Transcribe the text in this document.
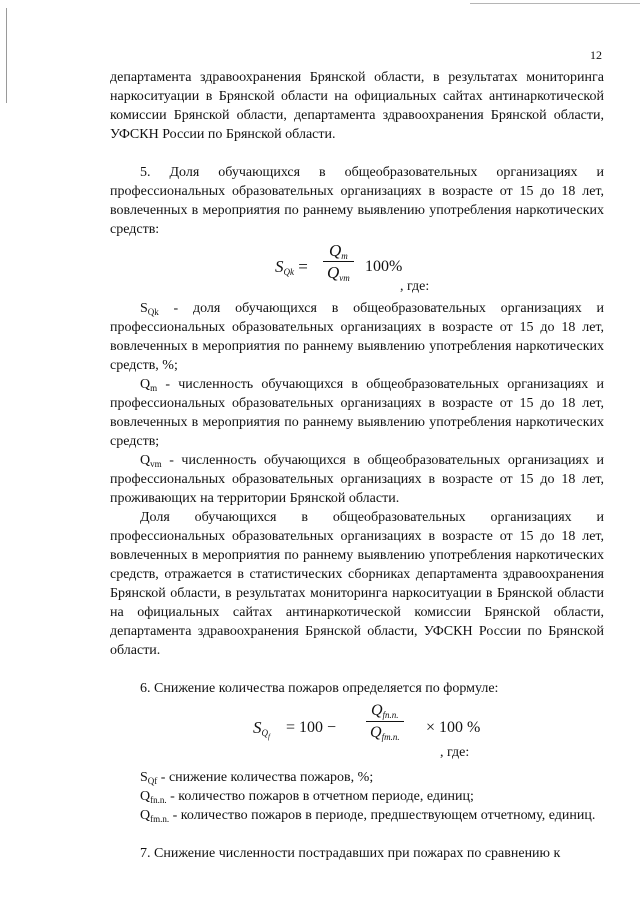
12

департамента здравоохранения Брянской области, в результатах мониторинга наркоситуации в Брянской области на официальных сайтах антинаркотической комиссии Брянской области, департамента здравоохранения Брянской области, УФСКН России по Брянской области.

5. Доля обучающихся в общеобразовательных организациях и профессиональных образовательных организациях в возрасте от 15 до 18 лет, вовлеченных в мероприятия по раннему выявлению употребления наркотических средств:

$S_{Qk}$ =
$Q_m$
$Q_{vm}$
100%
, где:

$S_{Qk}$ - доля обучающихся в общеобразовательных организациях и профессиональных образовательных организациях в возрасте от 15 до 18 лет, вовлеченных в мероприятия по раннему выявлению употребления наркотических средств, %;

$Q_m$ - численность обучающихся в общеобразовательных организациях и профессиональных образовательных организациях в возрасте от 15 до 18 лет, вовлеченных в мероприятия по раннему выявлению употребления наркотических средств;

$Q_{vm}$ - численность обучающихся в общеобразовательных организациях и профессиональных образовательных организациях в возрасте от 15 до 18 лет, проживающих на территории Брянской области.

Доля обучающихся в общеобразовательных организациях и профессиональных образовательных организациях в возрасте от 15 до 18 лет, вовлеченных в мероприятия по раннему выявлению употребления наркотических средств, отражается в статистических сборниках департамента здравоохранения Брянской области, в результатах мониторинга наркоситуации в Брянской области на официальных сайтах антинаркотической комиссии Брянской области, департамента здравоохранения Брянской области, УФСКН России по Брянской области.

6. Снижение количества пожаров определяется по формуле:

$S_{Q_f}$
= 100 −
$Q_{fn.n.}$
$Q_{fm.n.}$
× 100 %
, где:

$S_{Qf}$ - снижение количества пожаров, %;

$Q_{fn.n.}$ - количество пожаров в отчетном периоде, единиц;

$Q_{fm.n.}$ - количество пожаров в периоде, предшествующем отчетному, единиц.

7. Снижение численности пострадавших при пожарах по сравнению к
